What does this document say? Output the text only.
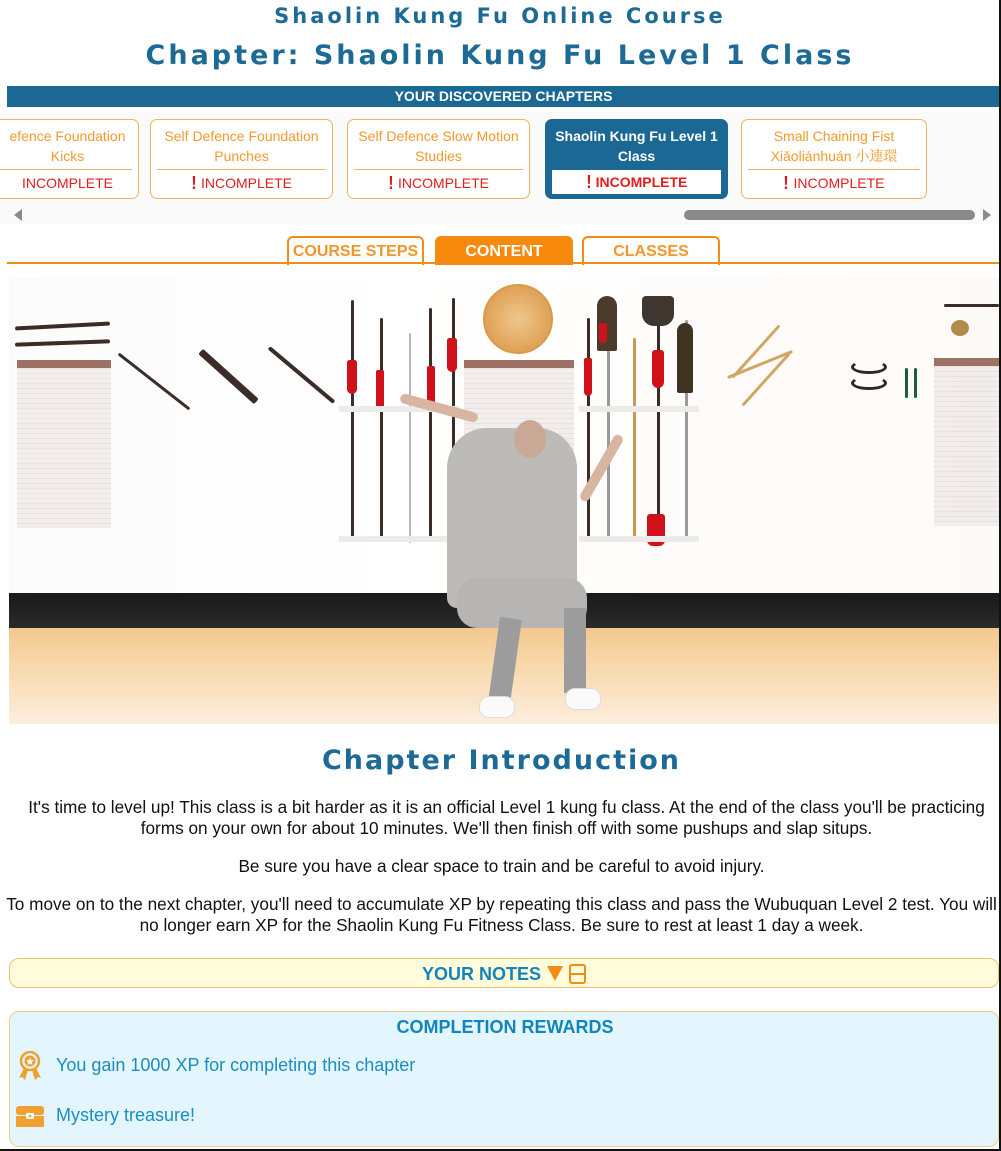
Shaolin Kung Fu Online Course
Chapter: Shaolin Kung Fu Level 1 Class
YOUR DISCOVERED CHAPTERS
efence Foundation Kicks
INCOMPLETE
Self Defence Foundation Punches
! INCOMPLETE
Self Defence Slow Motion Studies
! INCOMPLETE
Shaolin Kung Fu Level 1 Class
! INCOMPLETE
Small Chaining Fist Xiǎoliánhuán 小連環
! INCOMPLETE
COURSE STEPS	CONTENT	CLASSES
Chapter Introduction

It's time to level up! This class is a bit harder as it is an official Level 1 kung fu class. At the end of the class you'll be practicing forms on your own for about 10 minutes. We'll then finish off with some pushups and slap situps.

Be sure you have a clear space to train and be careful to avoid injury.

To move on to the next chapter, you'll need to accumulate XP by repeating this class and pass the Wubuquan Level 2 test. You will no longer earn XP for the Shaolin Kung Fu Fitness Class. Be sure to rest at least 1 day a week.

YOUR NOTES
COMPLETION REWARDS
You gain 1000 XP for completing this chapter
Mystery treasure!
